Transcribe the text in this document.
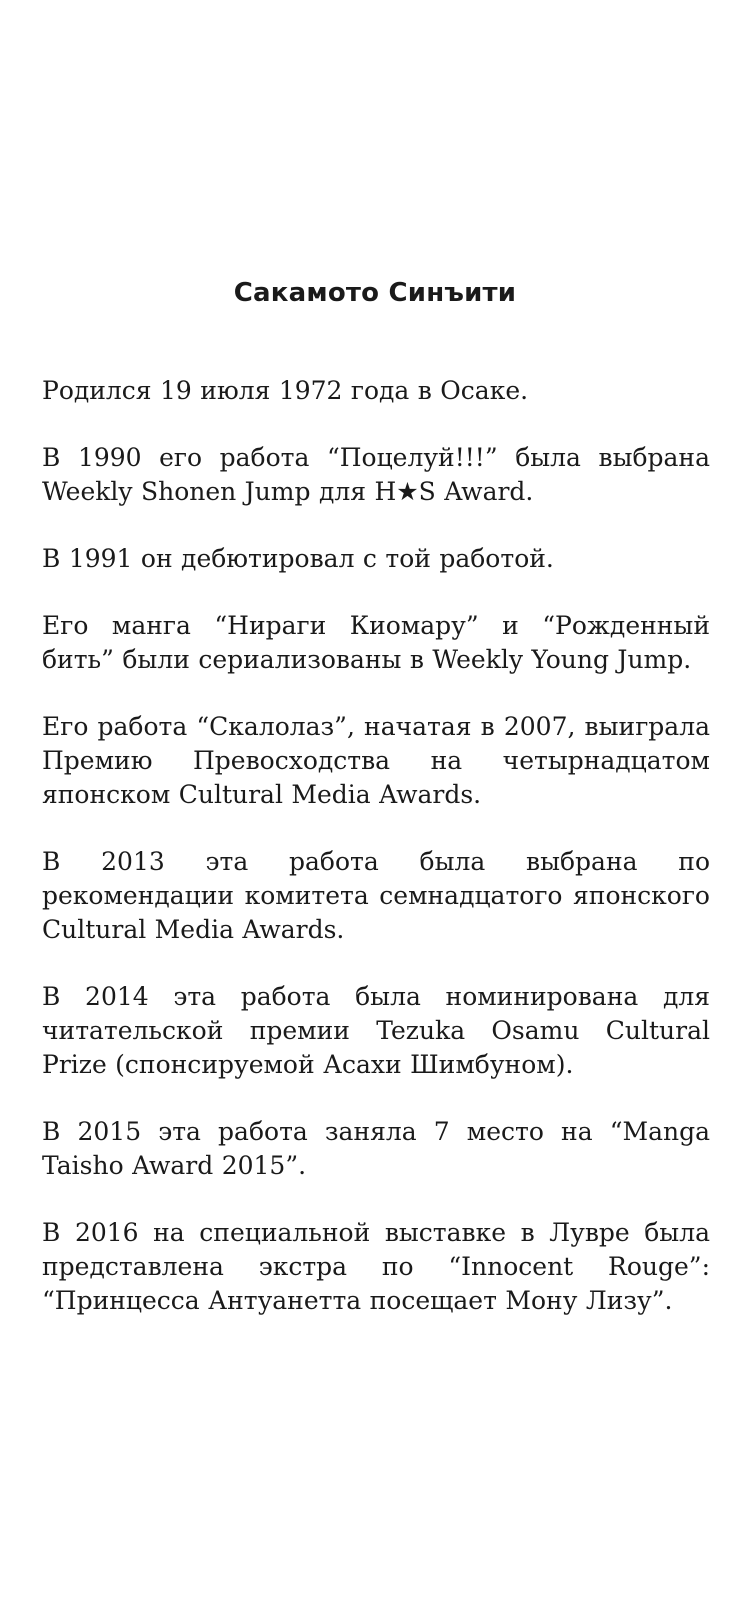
Сакамото Синъити

Родился 19 июля 1972 года в Осаке.

В 1990 его работа “Поцелуй!!!” была выбрана Weekly Shonen Jump для H★S Award.

В 1991 он дебютировал с той работой.

Его манга “Нираги Киомару” и “Рожденный бить” были сериализованы в Weekly Young Jump.

Его работа “Скалолаз”, начатая в 2007, выиграла Премию Превосходства на четырнадцатом японском Cultural Media Awards.

В 2013 эта работа была выбрана по рекомендации комитета семнадцатого японского Cultural Media Awards.

В 2014 эта работа была номинирована для читательской премии Tezuka Osamu Cultural Prize (спонсируемой Асахи Шимбуном).

В 2015 эта работа заняла 7 место на “Manga Taisho Award 2015”.

В 2016 на специальной выставке в Лувре была представлена экстра по “Innocent Rouge”: “Принцесса Антуанетта посещает Мону Лизу”.
